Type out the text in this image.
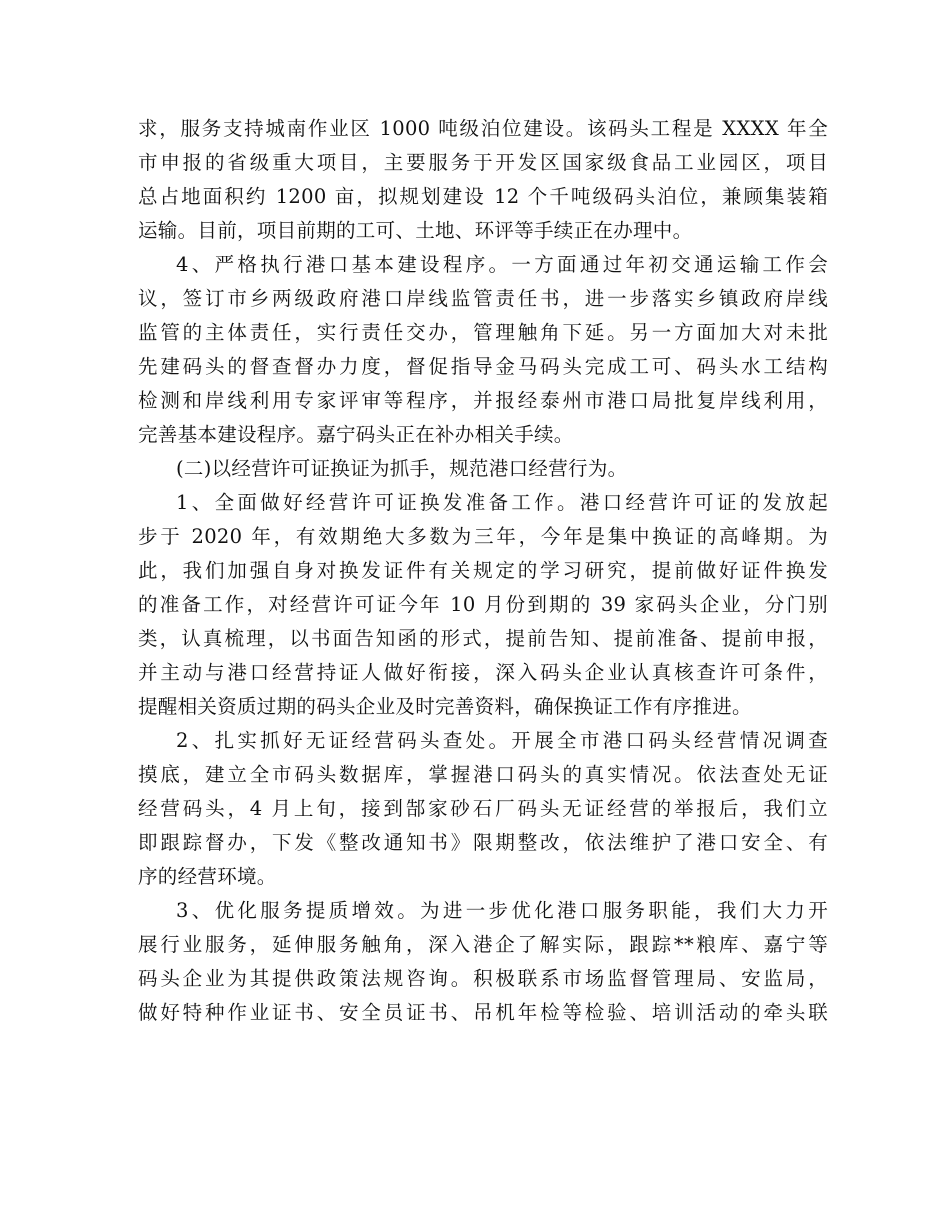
求，服务支持城南作业区 1000 吨级泊位建设。该码头工程是 XXXX 年全
市申报的省级重大项目，主要服务于开发区国家级食品工业园区，项目
总占地面积约 1200 亩，拟规划建设 12 个千吨级码头泊位，兼顾集装箱
运输。目前，项目前期的工可、土地、环评等手续正在办理中。
4、严格执行港口基本建设程序。一方面通过年初交通运输工作会
议，签订市乡两级政府港口岸线监管责任书，进一步落实乡镇政府岸线
监管的主体责任，实行责任交办，管理触角下延。另一方面加大对未批
先建码头的督查督办力度，督促指导金马码头完成工可、码头水工结构
检测和岸线利用专家评审等程序，并报经泰州市港口局批复岸线利用，
完善基本建设程序。嘉宁码头正在补办相关手续。
(二)以经营许可证换证为抓手，规范港口经营行为。
1、全面做好经营许可证换发准备工作。港口经营许可证的发放起
步于 2020 年，有效期绝大多数为三年，今年是集中换证的高峰期。为
此，我们加强自身对换发证件有关规定的学习研究，提前做好证件换发
的准备工作，对经营许可证今年 10 月份到期的 39 家码头企业，分门别
类，认真梳理，以书面告知函的形式，提前告知、提前准备、提前申报，
并主动与港口经营持证人做好衔接，深入码头企业认真核查许可条件，
提醒相关资质过期的码头企业及时完善资料，确保换证工作有序推进。
2、扎实抓好无证经营码头查处。开展全市港口码头经营情况调查
摸底，建立全市码头数据库，掌握港口码头的真实情况。依法查处无证
经营码头，4 月上旬，接到郜家砂石厂码头无证经营的举报后，我们立
即跟踪督办，下发《整改通知书》限期整改，依法维护了港口安全、有
序的经营环境。
3、优化服务提质增效。为进一步优化港口服务职能，我们大力开
展行业服务，延伸服务触角，深入港企了解实际，跟踪**粮库、嘉宁等
码头企业为其提供政策法规咨询。积极联系市场监督管理局、安监局，
做好特种作业证书、安全员证书、吊机年检等检验、培训活动的牵头联
